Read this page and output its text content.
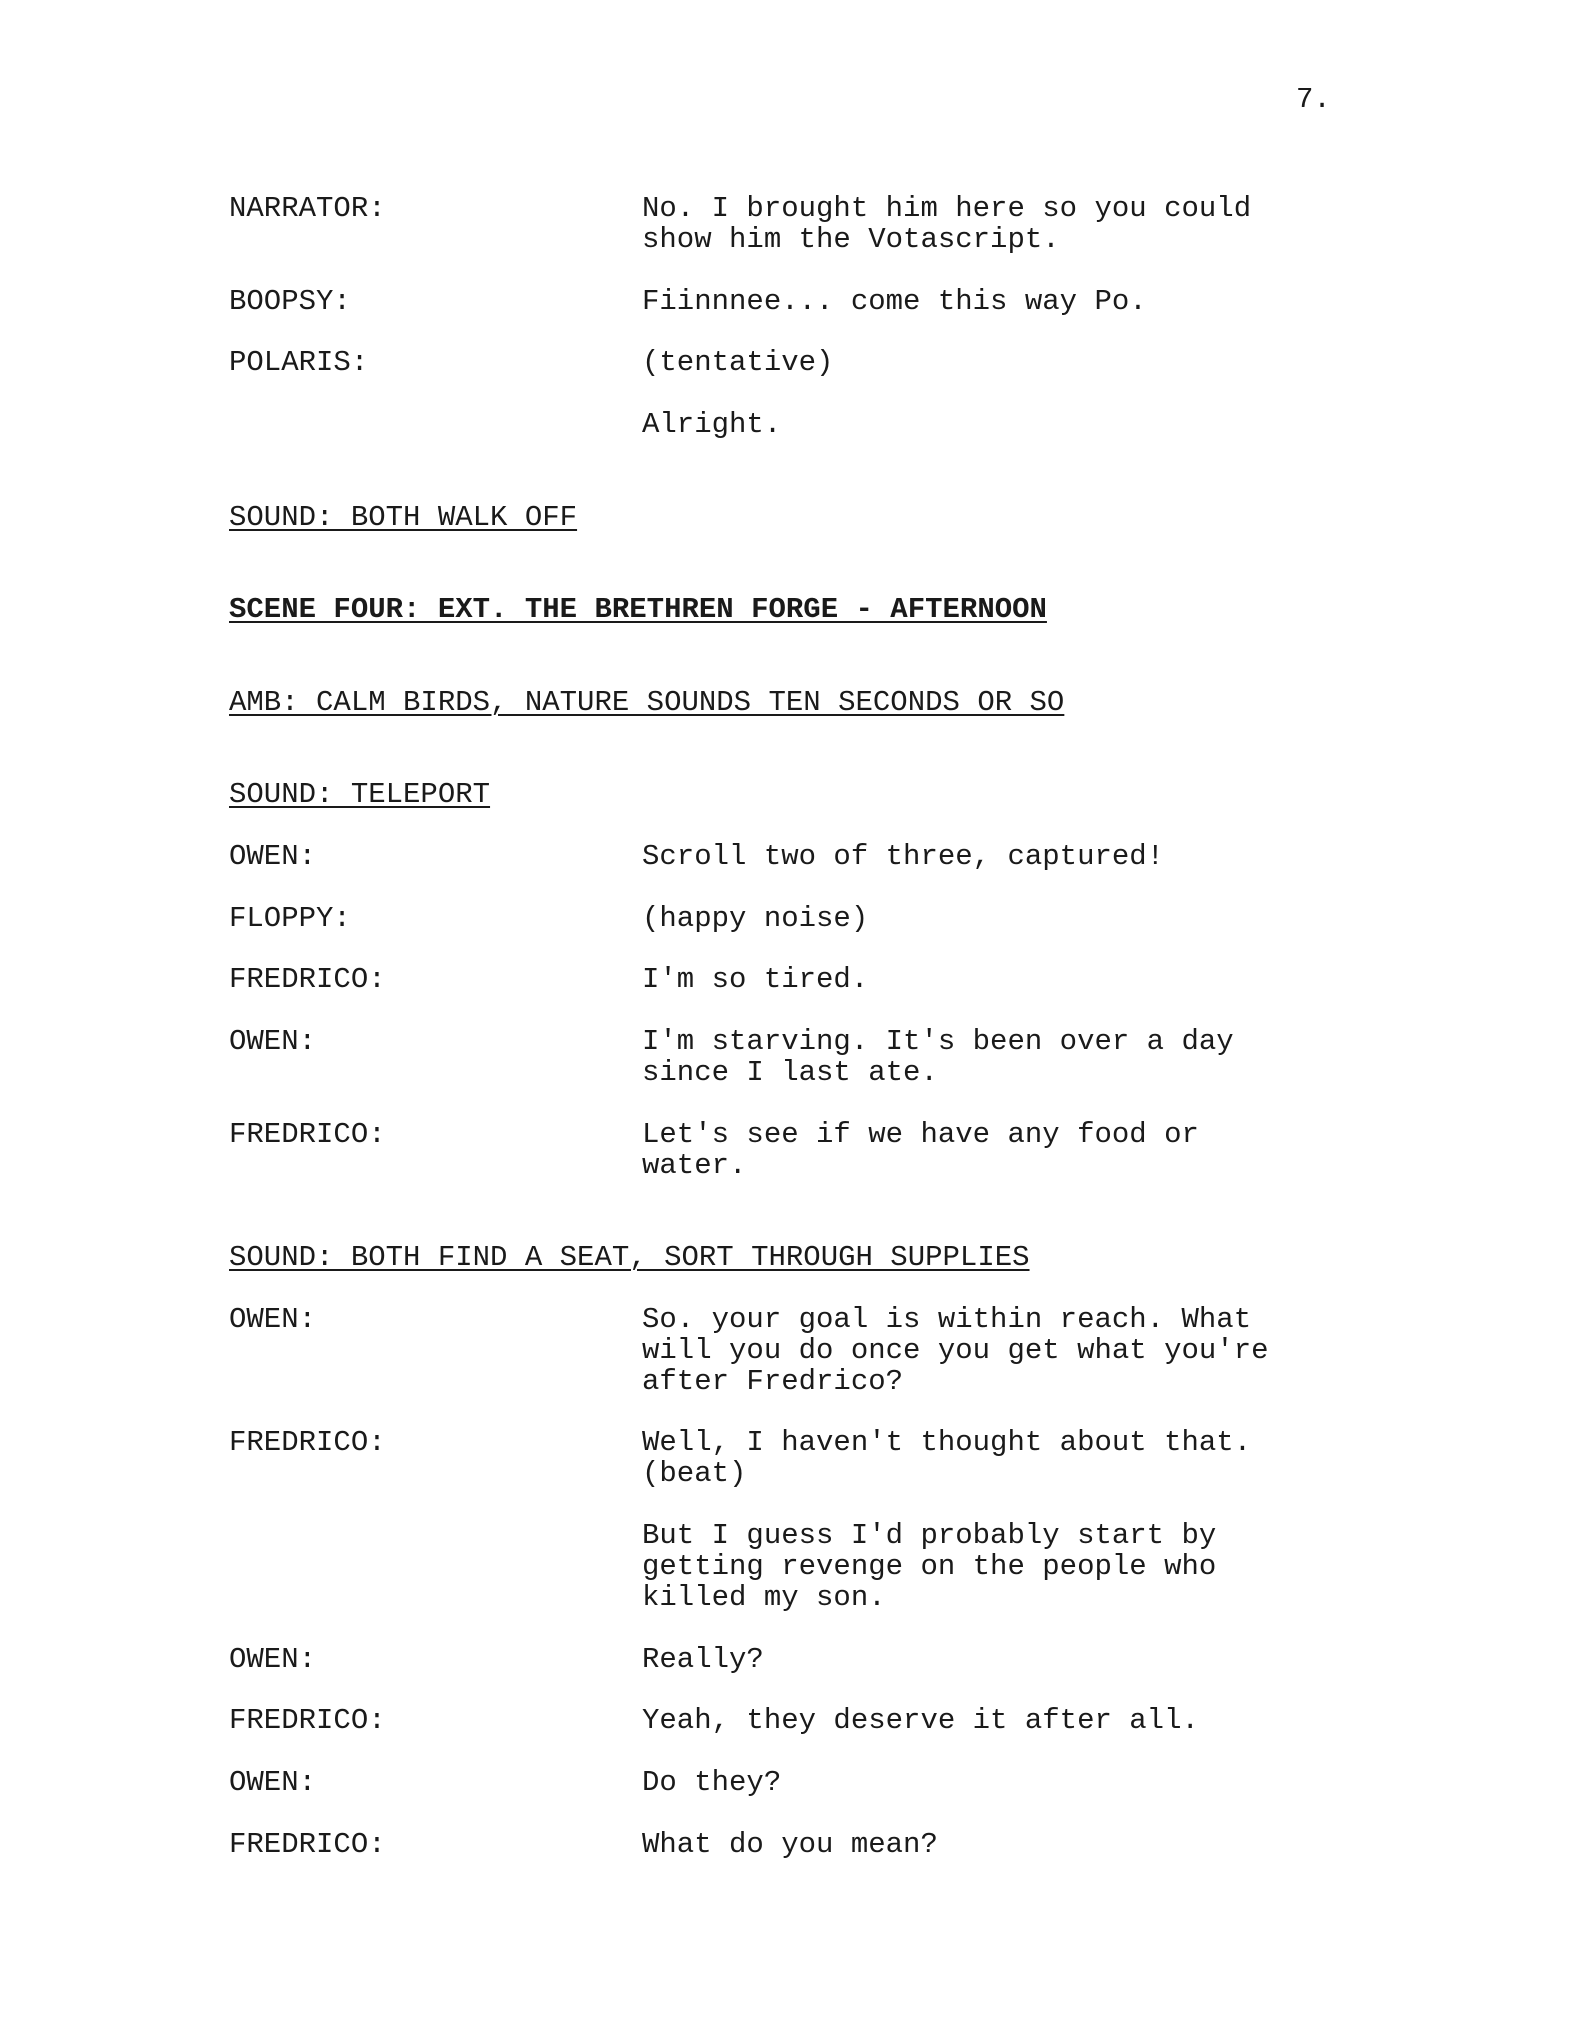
7.

NARRATOR:	No. I brought him here so you could

show him the Votascript.

BOOPSY:	Fiinnnee... come this way Po.

POLARIS:	(tentative)

Alright.

SOUND: BOTH WALK OFF

SCENE FOUR: EXT. THE BRETHREN FORGE - AFTERNOON

AMB: CALM BIRDS, NATURE SOUNDS TEN SECONDS OR SO

SOUND: TELEPORT

OWEN:	Scroll two of three, captured!

FLOPPY:	(happy noise)

FREDRICO:	I'm so tired.

OWEN:	I'm starving. It's been over a day

since I last ate.

FREDRICO:	Let's see if we have any food or

water.

SOUND: BOTH FIND A SEAT, SORT THROUGH SUPPLIES

OWEN:	So. your goal is within reach. What

will you do once you get what you're

after Fredrico?

FREDRICO:	Well, I haven't thought about that.

(beat)

But I guess I'd probably start by

getting revenge on the people who

killed my son.

OWEN:	Really?

FREDRICO:	Yeah, they deserve it after all.

OWEN:	Do they?

FREDRICO:	What do you mean?
